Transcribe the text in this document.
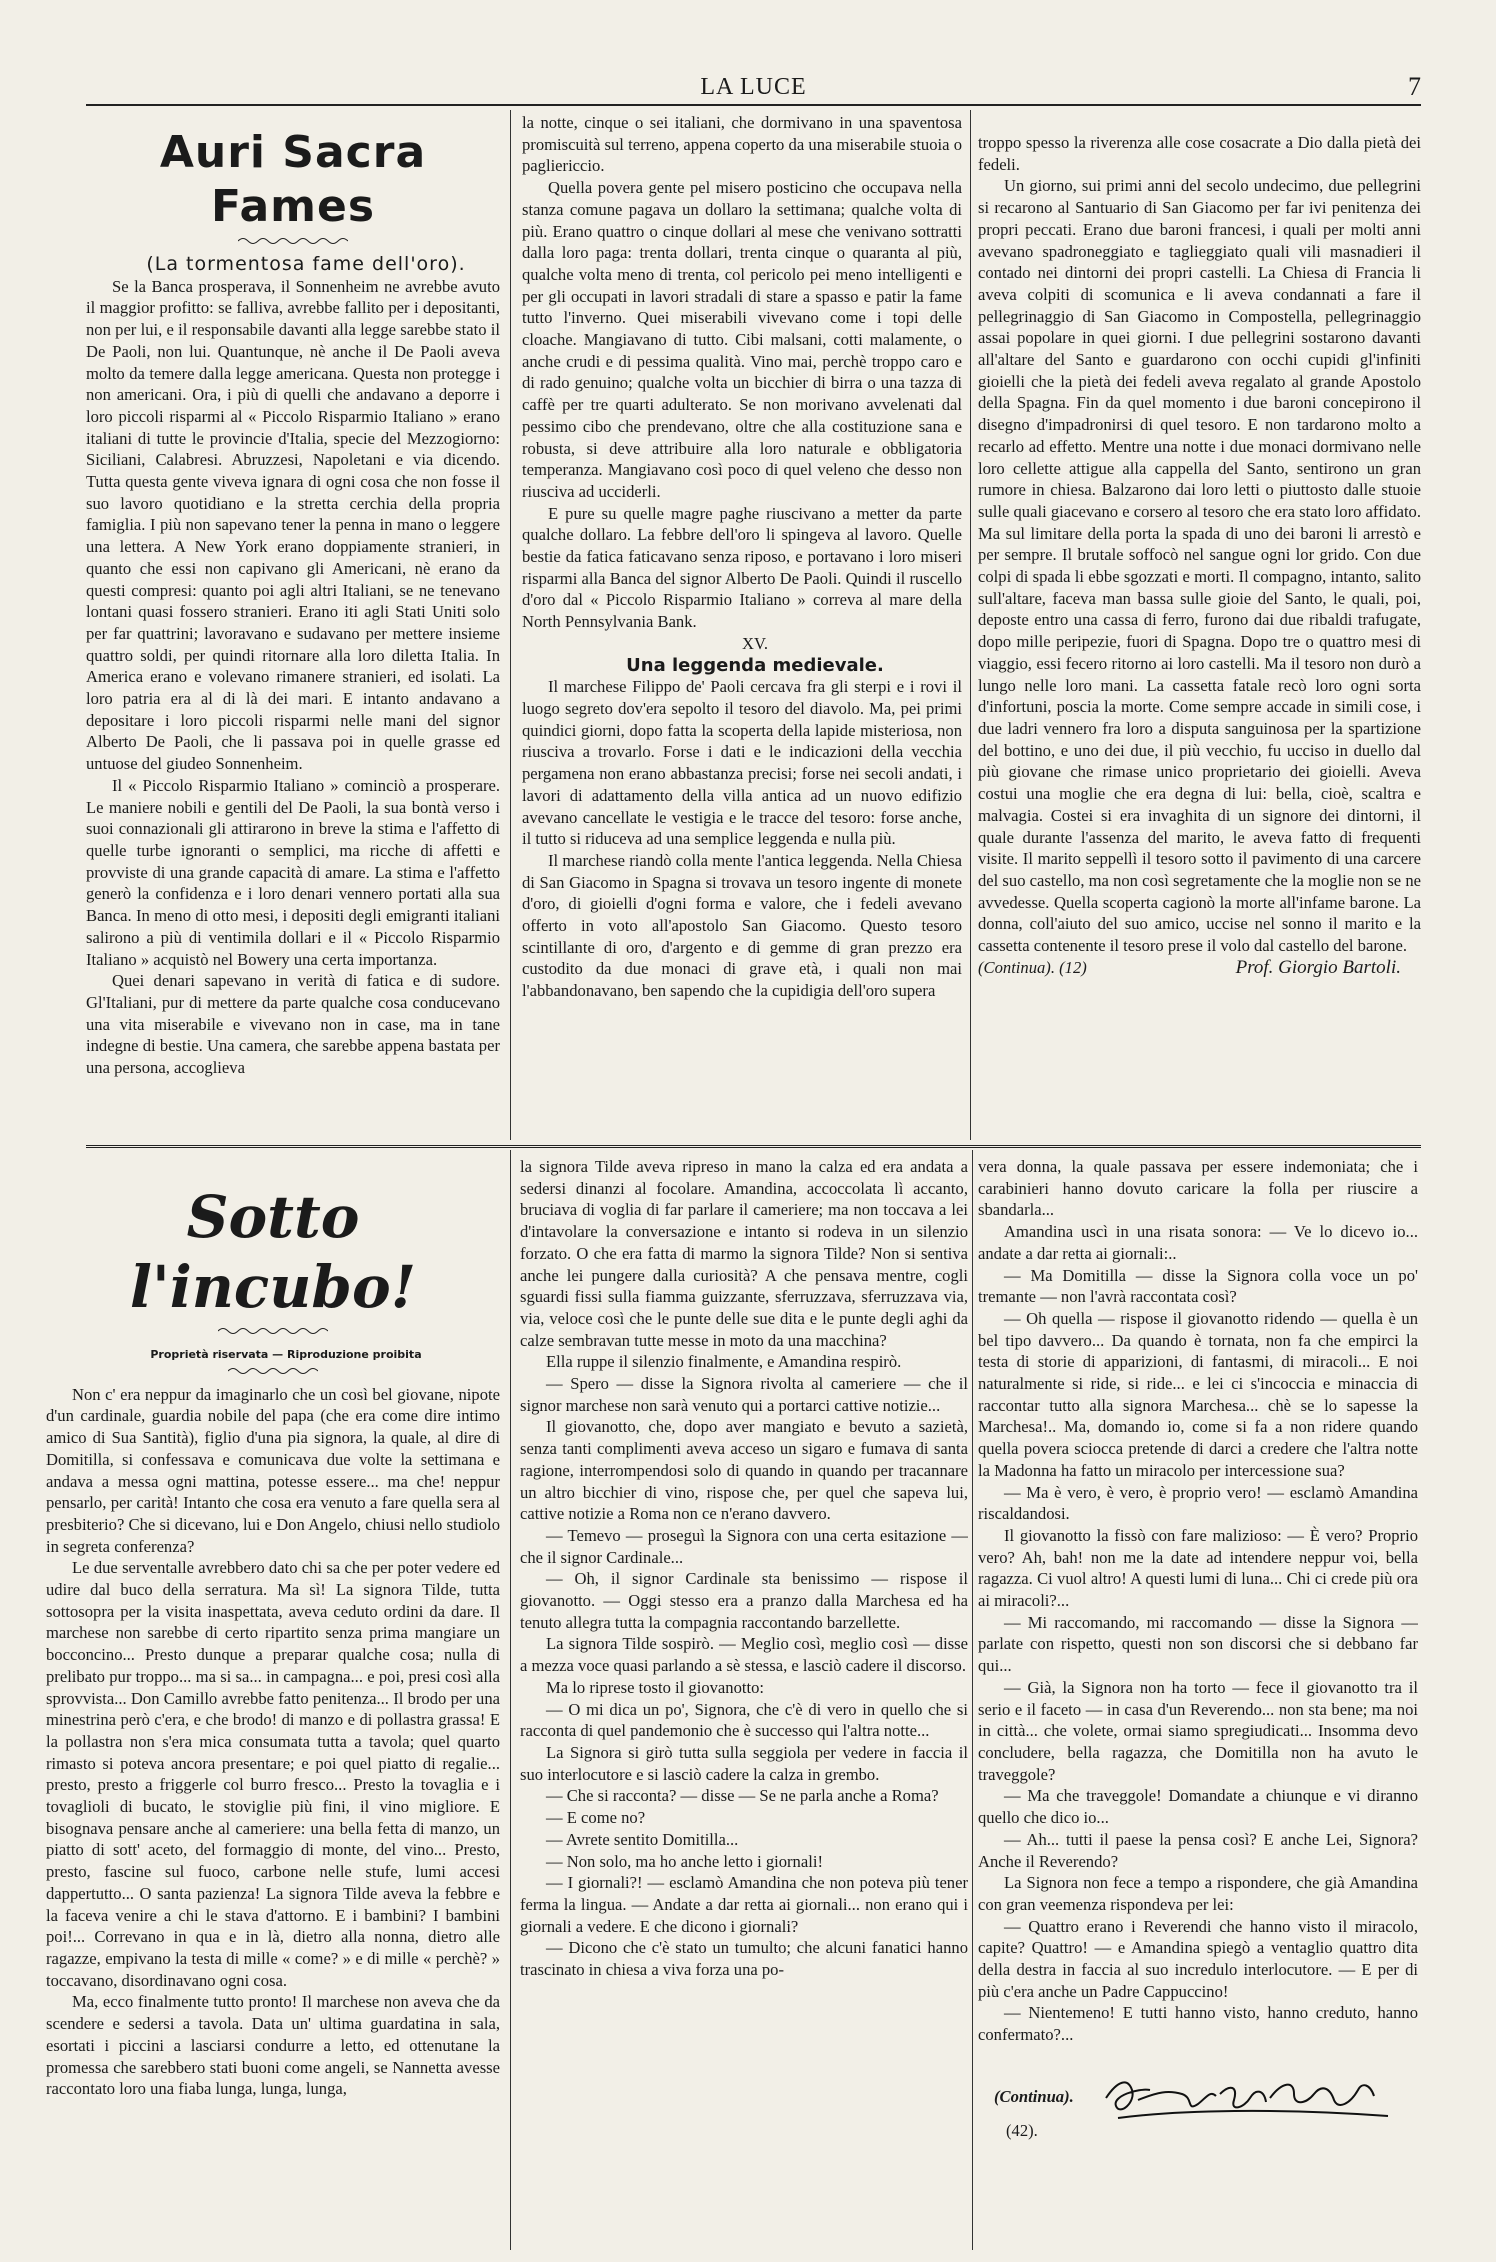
LA LUCE	7
Auri Sacra Fames

(La tormentosa fame dell'oro).

Se la Banca prosperava, il Sonnenheim ne avrebbe avuto il maggior profitto: se falliva, avrebbe fallito per i depositanti, non per lui, e il responsabile davanti alla legge sarebbe stato il De Paoli, non lui. Quantunque, nè anche il De Paoli aveva molto da temere dalla legge americana. Questa non protegge i non americani. Ora, i più di quelli che andavano a deporre i loro piccoli risparmi al « Piccolo Risparmio Italiano » erano italiani di tutte le provincie d'Italia, specie del Mezzogiorno: Siciliani, Calabresi. Abruzzesi, Napoletani e via dicendo. Tutta questa gente viveva ignara di ogni cosa che non fosse il suo lavoro quotidiano e la stretta cerchia della propria famiglia. I più non sapevano tener la penna in mano o leggere una lettera. A New York erano doppiamente stranieri, in quanto che essi non capivano gli Americani, nè erano da questi compresi: quanto poi agli altri Italiani, se ne tenevano lontani quasi fossero stranieri. Erano iti agli Stati Uniti solo per far quattrini; lavoravano e sudavano per mettere insieme quattro soldi, per quindi ritornare alla loro diletta Italia. In America erano e volevano rimanere stranieri, ed isolati. La loro patria era al di là dei mari. E intanto andavano a depositare i loro piccoli risparmi nelle mani del signor Alberto De Paoli, che li passava poi in quelle grasse ed untuose del giudeo Sonnenheim.

Il « Piccolo Risparmio Italiano » cominciò a prosperare. Le maniere nobili e gentili del De Paoli, la sua bontà verso i suoi connazionali gli attirarono in breve la stima e l'affetto di quelle turbe ignoranti o semplici, ma ricche di affetti e provviste di una grande capacità di amare. La stima e l'affetto generò la confidenza e i loro denari vennero portati alla sua Banca. In meno di otto mesi, i depositi degli emigranti italiani salirono a più di ventimila dollari e il « Piccolo Risparmio Italiano » acquistò nel Bowery una certa importanza.

Quei denari sapevano in verità di fatica e di sudore. Gl'Italiani, pur di mettere da parte qualche cosa conducevano una vita miserabile e vivevano non in case, ma in tane indegne di bestie. Una camera, che sarebbe appena bastata per una persona, accoglieva

la notte, cinque o sei italiani, che dormivano in una spaventosa promiscuità sul terreno, appena coperto da una miserabile stuoia o pagliericcio.

Quella povera gente pel misero posticino che occupava nella stanza comune pagava un dollaro la settimana; qualche volta di più. Erano quattro o cinque dollari al mese che venivano sottratti dalla loro paga: trenta dollari, trenta cinque o quaranta al più, qualche volta meno di trenta, col pericolo pei meno intelligenti e per gli occupati in lavori stradali di stare a spasso e patir la fame tutto l'inverno. Quei miserabili vivevano come i topi delle cloache. Mangiavano di tutto. Cibi malsani, cotti malamente, o anche crudi e di pessima qualità. Vino mai, perchè troppo caro e di rado genuino; qualche volta un bicchier di birra o una tazza di caffè per tre quarti adulterato. Se non morivano avvelenati dal pessimo cibo che prendevano, oltre che alla costituzione sana e robusta, si deve attribuire alla loro naturale e obbligatoria temperanza. Mangiavano così poco di quel veleno che desso non riusciva ad ucciderli.

E pure su quelle magre paghe riuscivano a metter da parte qualche dollaro. La febbre dell'oro li spingeva al lavoro. Quelle bestie da fatica faticavano senza riposo, e portavano i loro miseri risparmi alla Banca del signor Alberto De Paoli. Quindi il ruscello d'oro dal « Piccolo Risparmio Italiano » correva al mare della North Pennsylvania Bank.

XV.

Una leggenda medievale.

Il marchese Filippo de' Paoli cercava fra gli sterpi e i rovi il luogo segreto dov'era sepolto il tesoro del diavolo. Ma, pei primi quindici giorni, dopo fatta la scoperta della lapide misteriosa, non riusciva a trovarlo. Forse i dati e le indicazioni della vecchia pergamena non erano abbastanza precisi; forse nei secoli andati, i lavori di adattamento della villa antica ad un nuovo edifizio avevano cancellate le vestigia e le tracce del tesoro: forse anche, il tutto si riduceva ad una semplice leggenda e nulla più.

Il marchese riandò colla mente l'antica leggenda. Nella Chiesa di San Giacomo in Spagna si trovava un tesoro ingente di monete d'oro, di gioielli d'ogni forma e valore, che i fedeli avevano offerto in voto all'apostolo San Giacomo. Questo tesoro scintillante di oro, d'argento e di gemme di gran prezzo era custodito da due monaci di grave età, i quali non mai l'abbandonavano, ben sapendo che la cupidigia dell'oro supera

troppo spesso la riverenza alle cose cosacrate a Dio dalla pietà dei fedeli.

Un giorno, sui primi anni del secolo undecimo, due pellegrini si recarono al Santuario di San Giacomo per far ivi penitenza dei propri peccati. Erano due baroni francesi, i quali per molti anni avevano spadroneggiato e taglieggiato quali vili masnadieri il contado nei dintorni dei propri castelli. La Chiesa di Francia li aveva colpiti di scomunica e li aveva condannati a fare il pellegrinaggio di San Giacomo in Compostella, pellegrinaggio assai popolare in quei giorni. I due pellegrini sostarono davanti all'altare del Santo e guardarono con occhi cupidi gl'infiniti gioielli che la pietà dei fedeli aveva regalato al grande Apostolo della Spagna. Fin da quel momento i due baroni concepirono il disegno d'impadronirsi di quel tesoro. E non tardarono molto a recarlo ad effetto. Mentre una notte i due monaci dormivano nelle loro cellette attigue alla cappella del Santo, sentirono un gran rumore in chiesa. Balzarono dai loro letti o piuttosto dalle stuoie sulle quali giacevano e corsero al tesoro che era stato loro affidato. Ma sul limitare della porta la spada di uno dei baroni li arrestò e per sempre. Il brutale soffocò nel sangue ogni lor grido. Con due colpi di spada li ebbe sgozzati e morti. Il compagno, intanto, salito sull'altare, faceva man bassa sulle gioie del Santo, le quali, poi, deposte entro una cassa di ferro, furono dai due ribaldi trafugate, dopo mille peripezie, fuori di Spagna. Dopo tre o quattro mesi di viaggio, essi fecero ritorno ai loro castelli. Ma il tesoro non durò a lungo nelle loro mani. La cassetta fatale recò loro ogni sorta d'infortuni, poscia la morte. Come sempre accade in simili cose, i due ladri vennero fra loro a disputa sanguinosa per la spartizione del bottino, e uno dei due, il più vecchio, fu ucciso in duello dal più giovane che rimase unico proprietario dei gioielli. Aveva costui una moglie che era degna di lui: bella, cioè, scaltra e malvagia. Costei si era invaghita di un signore dei dintorni, il quale durante l'assenza del marito, le aveva fatto di frequenti visite. Il marito seppellì il tesoro sotto il pavimento di una carcere del suo castello, ma non così segretamente che la moglie non se ne avvedesse. Quella scoperta cagionò la morte all'infame barone. La donna, coll'aiuto del suo amico, uccise nel sonno il marito e la cassetta contenente il tesoro prese il volo dal castello del barone.

(Continua). (12)	Prof. Giorgio Bartoli.
Sotto l'incubo!

Proprietà riservata — Riproduzione proibita

Non c' era neppur da imaginarlo che un così bel giovane, nipote d'un cardinale, guardia nobile del papa (che era come dire intimo amico di Sua Santità), figlio d'una pia signora, la quale, al dire di Domitilla, si confessava e comunicava due volte la settimana e andava a messa ogni mattina, potesse essere... ma che! neppur pensarlo, per carità! Intanto che cosa era venuto a fare quella sera al presbiterio? Che si dicevano, lui e Don Angelo, chiusi nello studiolo in segreta conferenza?

Le due serventalle avrebbero dato chi sa che per poter vedere ed udire dal buco della serratura. Ma sì! La signora Tilde, tutta sottosopra per la visita inaspettata, aveva ceduto ordini da dare. Il marchese non sarebbe di certo ripartito senza prima mangiare un bocconcino... Presto dunque a preparar qualche cosa; nulla di prelibato pur troppo... ma si sa... in campagna... e poi, presi così alla sprovvista... Don Camillo avrebbe fatto penitenza... Il brodo per una minestrina però c'era, e che brodo! di manzo e di pollastra grassa! E la pollastra non s'era mica consumata tutta a tavola; quel quarto rimasto si poteva ancora presentare; e poi quel piatto di regalie... presto, presto a friggerle col burro fresco... Presto la tovaglia e i tovaglioli di bucato, le stoviglie più fini, il vino migliore. E bisognava pensare anche al cameriere: una bella fetta di manzo, un piatto di sott' aceto, del formaggio di monte, del vino... Presto, presto, fascine sul fuoco, carbone nelle stufe, lumi accesi dappertutto... O santa pazienza! La signora Tilde aveva la febbre e la faceva venire a chi le stava d'attorno. E i bambini? I bambini poi!... Correvano in qua e in là, dietro alla nonna, dietro alle ragazze, empivano la testa di mille « come? » e di mille « perchè? » toccavano, disordinavano ogni cosa.

Ma, ecco finalmente tutto pronto! Il marchese non aveva che da scendere e sedersi a tavola. Data un' ultima guardatina in sala, esortati i piccini a lasciarsi condurre a letto, ed ottenutane la promessa che sarebbero stati buoni come angeli, se Nannetta avesse raccontato loro una fiaba lunga, lunga, lunga,

la signora Tilde aveva ripreso in mano la calza ed era andata a sedersi dinanzi al focolare. Amandina, accoccolata lì accanto, bruciava di voglia di far parlare il cameriere; ma non toccava a lei d'intavolare la conversazione e intanto si rodeva in un silenzio forzato. O che era fatta di marmo la signora Tilde? Non si sentiva anche lei pungere dalla curiosità? A che pensava mentre, cogli sguardi fissi sulla fiamma guizzante, sferruzzava, sferruzzava via, via, veloce così che le punte delle sue dita e le punte degli aghi da calze sembravan tutte messe in moto da una macchina?

Ella ruppe il silenzio finalmente, e Amandina respirò.

— Spero — disse la Signora rivolta al cameriere — che il signor marchese non sarà venuto qui a portarci cattive notizie...

Il giovanotto, che, dopo aver mangiato e bevuto a sazietà, senza tanti complimenti aveva acceso un sigaro e fumava di santa ragione, interrompendosi solo di quando in quando per tracannare un altro bicchier di vino, rispose che, per quel che sapeva lui, cattive notizie a Roma non ce n'erano davvero.

— Temevo — proseguì la Signora con una certa esitazione — che il signor Cardinale...

— Oh, il signor Cardinale sta benissimo — rispose il giovanotto. — Oggi stesso era a pranzo dalla Marchesa ed ha tenuto allegra tutta la compagnia raccontando barzellette.

La signora Tilde sospirò. — Meglio così, meglio così — disse a mezza voce quasi parlando a sè stessa, e lasciò cadere il discorso.

Ma lo riprese tosto il giovanotto:

— O mi dica un po', Signora, che c'è di vero in quello che si racconta di quel pandemonio che è successo qui l'altra notte...

La Signora si girò tutta sulla seggiola per vedere in faccia il suo interlocutore e si lasciò cadere la calza in grembo.

— Che si racconta? — disse — Se ne parla anche a Roma?

— E come no?

— Avrete sentito Domitilla...

— Non solo, ma ho anche letto i giornali!

— I giornali?! — esclamò Amandina che non poteva più tener ferma la lingua. — Andate a dar retta ai giornali... non erano qui i giornali a vedere. E che dicono i giornali?

— Dicono che c'è stato un tumulto; che alcuni fanatici hanno trascinato in chiesa a viva forza una po-

vera donna, la quale passava per essere indemoniata; che i carabinieri hanno dovuto caricare la folla per riuscire a sbandarla...

Amandina uscì in una risata sonora: — Ve lo dicevo io... andate a dar retta ai giornali:..

— Ma Domitilla — disse la Signora colla voce un po' tremante — non l'avrà raccontata così?

— Oh quella — rispose il giovanotto ridendo — quella è un bel tipo davvero... Da quando è tornata, non fa che empirci la testa di storie di apparizioni, di fantasmi, di miracoli... E noi naturalmente si ride, si ride... e lei ci s'incoccia e minaccia di raccontar tutto alla signora Marchesa... chè se lo sapesse la Marchesa!.. Ma, domando io, come si fa a non ridere quando quella povera sciocca pretende di darci a credere che l'altra notte la Madonna ha fatto un miracolo per intercessione sua?

— Ma è vero, è vero, è proprio vero! — esclamò Amandina riscaldandosi.

Il giovanotto la fissò con fare malizioso: — È vero? Proprio vero? Ah, bah! non me la date ad intendere neppur voi, bella ragazza. Ci vuol altro! A questi lumi di luna... Chi ci crede più ora ai miracoli?...

— Mi raccomando, mi raccomando — disse la Signora — parlate con rispetto, questi non son discorsi che si debbano far qui...

— Già, la Signora non ha torto — fece il giovanotto tra il serio e il faceto — in casa d'un Reverendo... non sta bene; ma noi in città... che volete, ormai siamo spregiudicati... Insomma devo concludere, bella ragazza, che Domitilla non ha avuto le traveggole?

— Ma che traveggole! Domandate a chiunque e vi diranno quello che dico io...

— Ah... tutti il paese la pensa così? E anche Lei, Signora? Anche il Reverendo?

La Signora non fece a tempo a rispondere, che già Amandina con gran veemenza rispondeva per lei:

— Quattro erano i Reverendi che hanno visto il miracolo, capite? Quattro! — e Amandina spiegò a ventaglio quattro dita della destra in faccia al suo incredulo interlocutore. — E per di più c'era anche un Padre Cappuccino!

— Nientemeno! E tutti hanno visto, hanno creduto, hanno confermato?...

(Continua).
(42).
